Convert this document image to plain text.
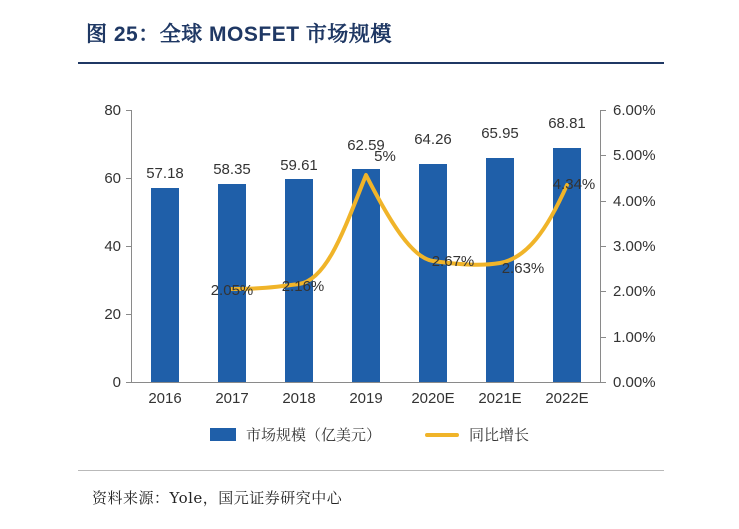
图 25：全球 MOSFET 市场规模
0
20
40
60
80
0.00%
1.00%
2.00%
3.00%
4.00%
5.00%
6.00%
57.18	58.35	59.61
62.59	64.26	65.95
68.81
2.05%	2.16%
5%
2.67%	2.63%
4.34%
2016	2017	2018	2019	2020E	2021E	2022E
市场规模（亿美元）	同比增长
资料来源：Yole，国元证券研究中心
